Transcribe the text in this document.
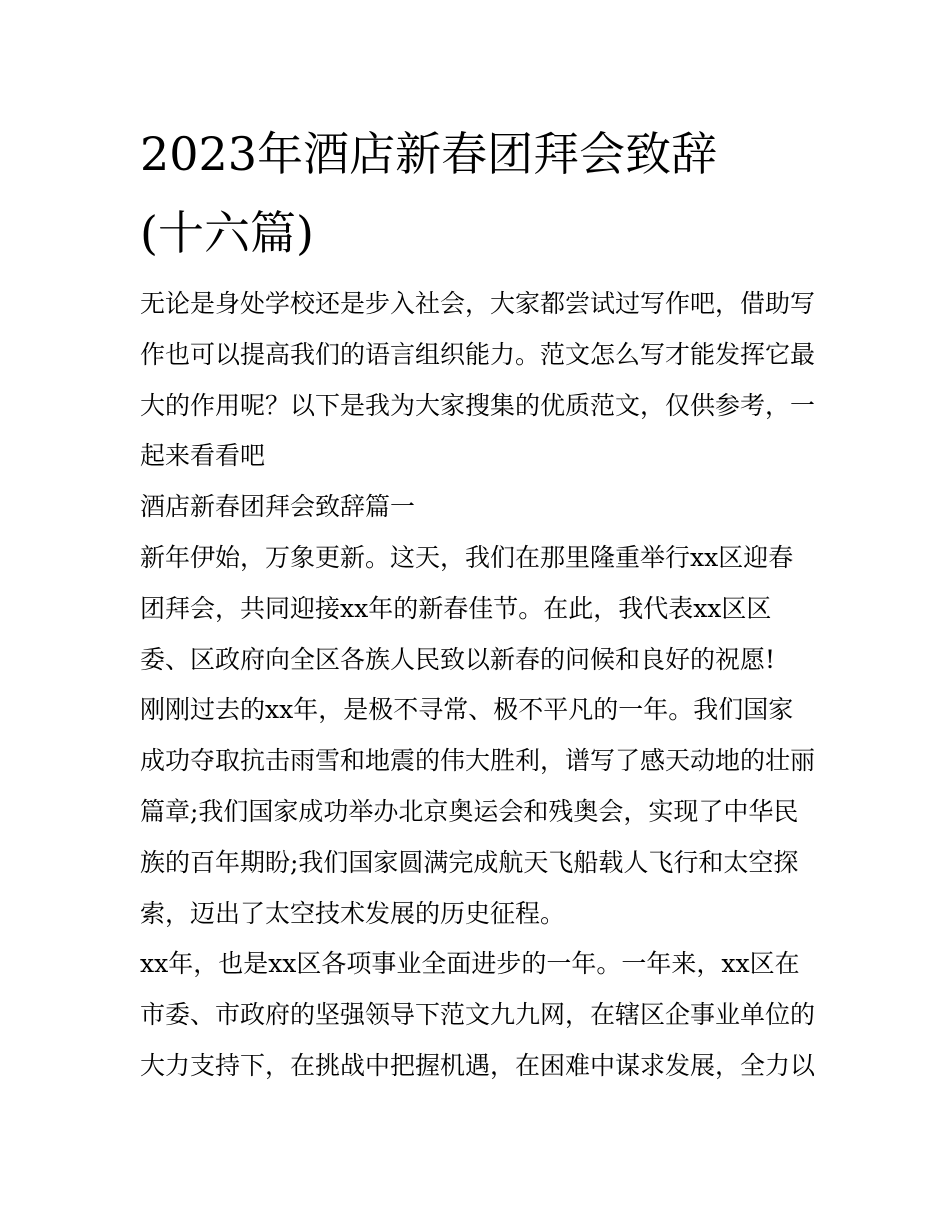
2023年酒店新春团拜会致辞
(十六篇)

无论是身处学校还是步入社会，大家都尝试过写作吧，借助写
作也可以提高我们的语言组织能力。范文怎么写才能发挥它最
大的作用呢？以下是我为大家搜集的优质范文，仅供参考，一
起来看看吧

酒店新春团拜会致辞篇一

新年伊始，万象更新。这天，我们在那里隆重举行xx区迎春
团拜会，共同迎接xx年的新春佳节。在此，我代表xx区区
委、区政府向全区各族人民致以新春的问候和良好的祝愿!

刚刚过去的xx年，是极不寻常、极不平凡的一年。我们国家
成功夺取抗击雨雪和地震的伟大胜利，谱写了感天动地的壮丽
篇章;我们国家成功举办北京奥运会和残奥会，实现了中华民
族的百年期盼;我们国家圆满完成航天飞船载人飞行和太空探
索，迈出了太空技术发展的历史征程。

xx年，也是xx区各项事业全面进步的一年。一年来，xx区在
市委、市政府的坚强领导下范文九九网，在辖区企事业单位的
大力支持下，在挑战中把握机遇，在困难中谋求发展，全力以
